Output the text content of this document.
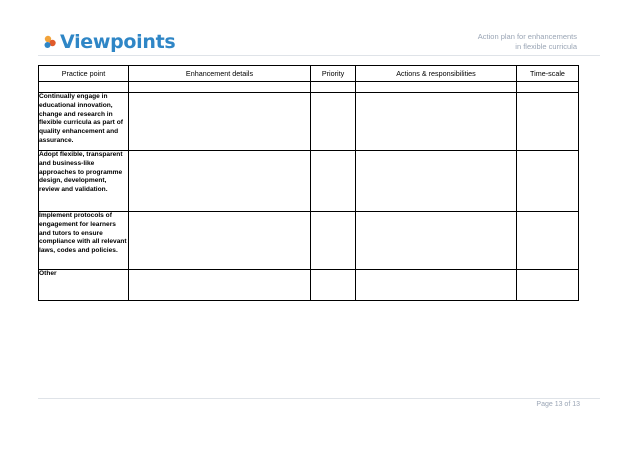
Viewpoints	Action plan for enhancements
in flexible curricula
Practice point	Enhancement details	Priority	Actions & responsibilities	Time-scale

Continually engage in educational innovation, change and research in flexible curricula as part of quality enhancement and assurance.				
Adopt flexible, transparent and business-like approaches to programme design, development, review and validation.				
Implement protocols of engagement for learners and tutors to ensure compliance with all relevant laws, codes and policies.				
Other				
Page 13 of 13
